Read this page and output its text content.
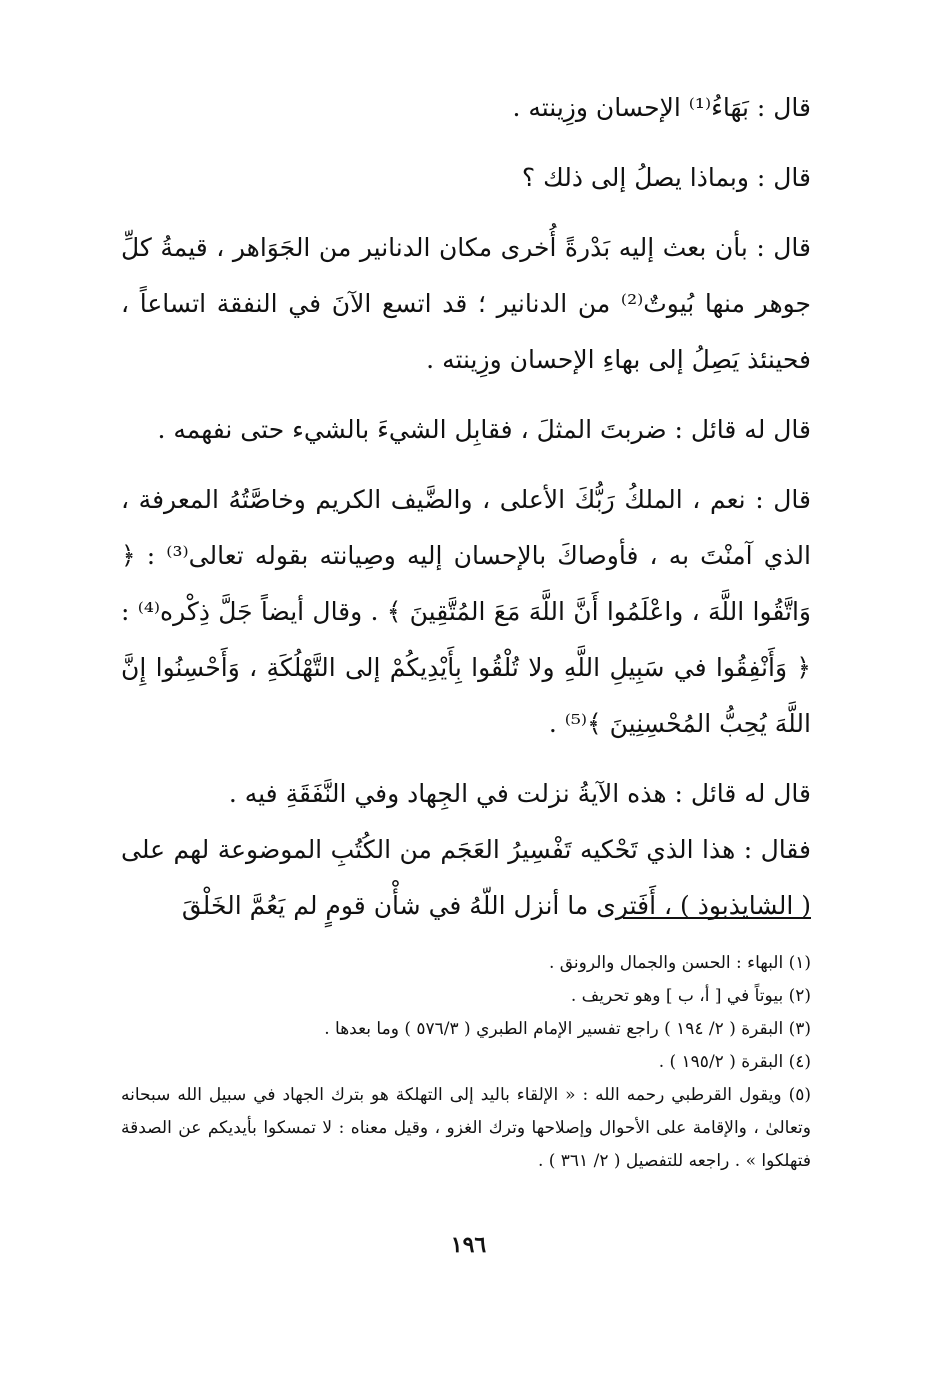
قال : بَهَاءُ⁽¹⁾ الإحسان وزِينته .

قال : وبماذا يصلُ إلى ذلك ؟

قال : بأن بعث إليه بَدْرةً أُخرى مكان الدنانير من الجَوَاهر ، قيمةُ كلِّ جوهر منها بُيوتٌ⁽²⁾ من الدنانير ؛ قد اتسع الآنَ في النفقة اتساعاً ، فحينئذ يَصِلُ إلى بهاءِ الإحسان وزِينته .

قال له قائل : ضربتَ المثلَ ، فقابِل الشيءَ بالشيء حتى نفهمه .

قال : نعم ، الملكُ رَبُّكَ الأعلى ، والضَّيف الكريم وخاصَّتُهُ المعرفة ، الذي آمنْتَ به ، فأوصاكَ بالإحسان إليه وصِيانته بقوله تعالى⁽³⁾ : ﴿ وَاتَّقُوا اللَّهَ ، واعْلَمُوا أَنَّ اللَّهَ مَعَ المُتَّقِينَ ﴾ . وقال أيضاً جَلَّ ذِكْره⁽⁴⁾ : ﴿ وَأَنْفِقُوا في سَبِيلِ اللَّهِ ولا تُلْقُوا بِأَيْدِيكُمْ إلى التَّهْلُكَةِ ، وَأَحْسِنُوا إِنَّ اللَّهَ يُحِبُّ المُحْسِنِينَ ﴾⁽⁵⁾ .

قال له قائل : هذه الآيةُ نزلت في الجِهاد وفي النَّفَقَةِ فيه .

فقال : هذا الذي تَحْكيه تَفْسِيرُ العَجَم من الكُتُبِ الموضوعة لهم على ( الشايذبوذ ) ، أَفَترى ما أنزل اللّهُ في شأْن قومٍ لم يَعُمَّ الخَلْقَ

(١) البهاء : الحسن والجمال والرونق .

(٢) بيوتاً في [ أ، ب ] وهو تحريف .

(٣) البقرة ( ٢/ ١٩٤ ) راجع تفسير الإمام الطبري ( ٥٧٦/٣ ) وما بعدها .

(٤) البقرة ( ١٩٥/٢ ) .

(٥) ويقول القرطبي رحمه الله : « الإلقاء باليد إلى التهلكة هو بترك الجهاد في سبيل الله سبحانه وتعالىٰ ، والإقامة على الأحوال وإصلاحها وترك الغزو ، وقيل معناه : لا تمسكوا بأيديكم عن الصدقة فتهلكوا » . راجعه للتفصيل ( ٢/ ٣٦١ ) .

١٩٦
